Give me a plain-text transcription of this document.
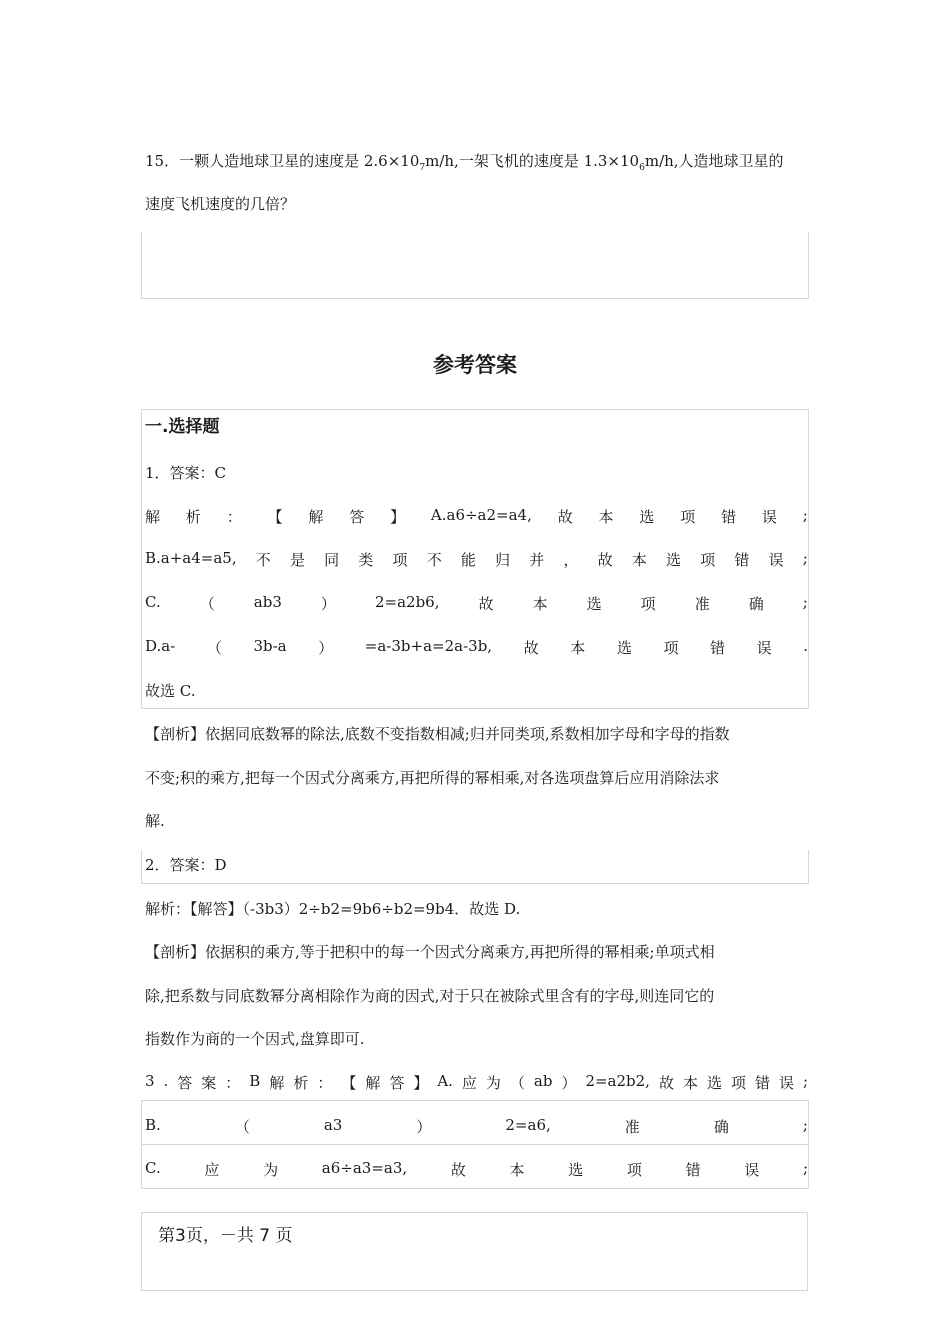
15．一颗人造地球卫星的速度是 $2.6\times 10_7m/h$,一架飞机的速度是 $1.3\times 10_6m/h$,人造地球卫星的
速度飞机速度的几倍？
参考答案
一.选择题
1．答案：C
解 析 ： 【 解 答 】 A.a6÷a2=a4, 故 本 选 项 错 误 ;
B.a+a4=a5, 不 是 同 类 项 不 能 归 并 ， 故 本 选 项 错 误 ;
C.	（	ab3	）	2=a2b6,	故	本	选	项	准	确	;
D.a- （ 3b-a ） =a-3b+a=2a-3b, 故 本 选 项 错 误 .
故选 C.
【剖析】依据同底数幂的除法,底数不变指数相减;归并同类项,系数相加字母和字母的指数
不变;积的乘方,把每一个因式分离乘方,再把所得的幂相乘,对各选项盘算后应用消除法求
解.
2．答案：D
解析：【解答】（-3b3）2÷b2=9b6÷b2=9b4．故选 D.
【剖析】依据积的乘方,等于把积中的每一个因式分离乘方,再把所得的幂相乘;单项式相
除,把系数与同底数幂分离相除作为商的因式,对于只在被除式里含有的字母,则连同它的
指数作为商的一个因式,盘算即可.
3 . 答 案 ： B 解 析 ： 【 解 答 】 A. 应 为 （ ab ） 2=a2b2, 故 本 选 项 错 误 ;
B.	（	a3	）	2=a6,	准	确	;
C.	应	为	a6÷a3=a3,	故	本	选	项	错	误	;
第3页，－共 7 页
